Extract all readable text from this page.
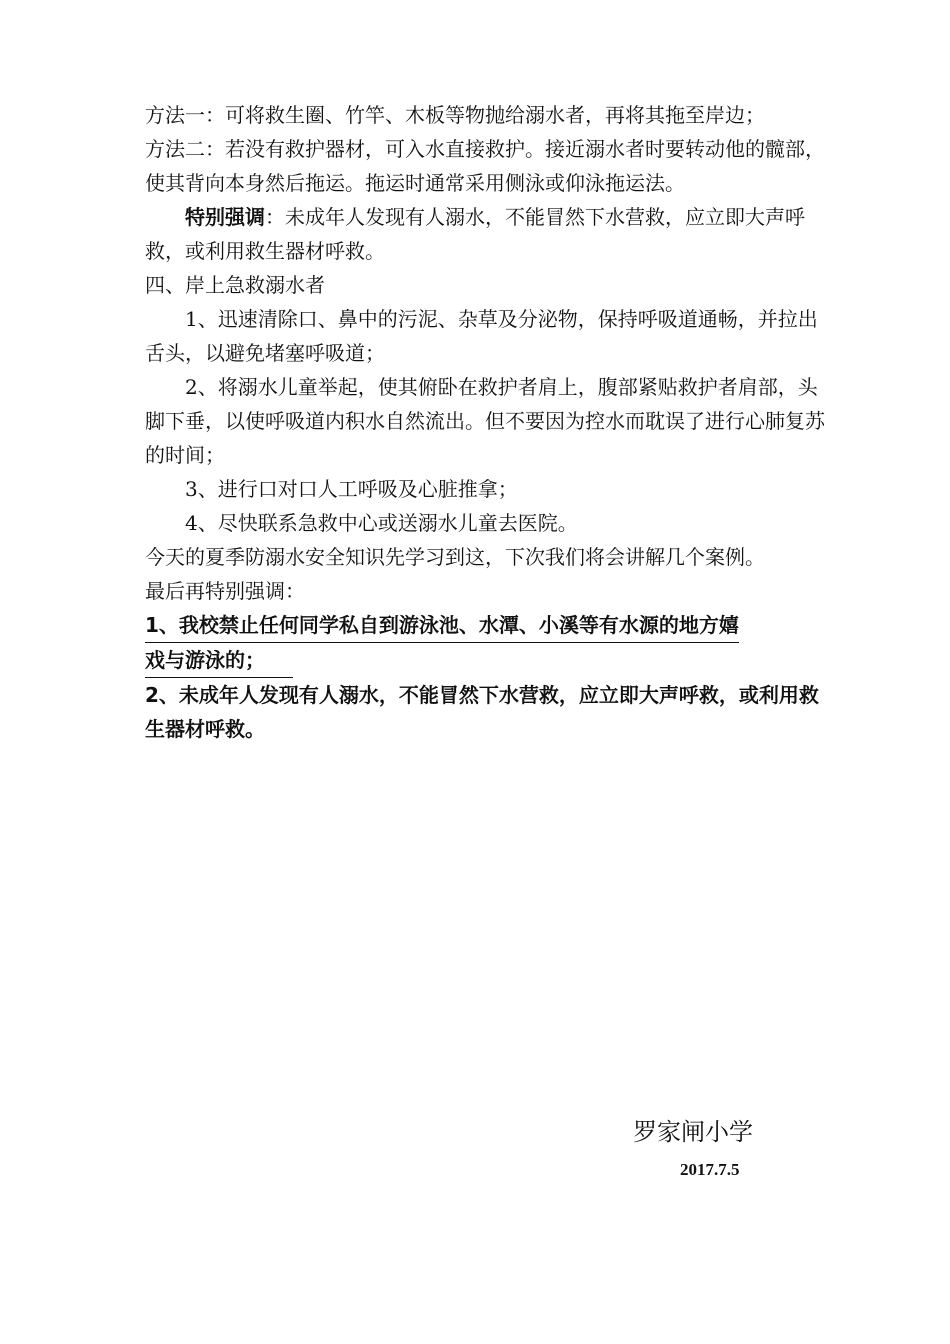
方法一：可将救生圈、竹竿、木板等物抛给溺水者，再将其拖至岸边；

方法二：若没有救护器材，可入水直接救护。接近溺水者时要转动他的髋部，使其背向本身然后拖运。拖运时通常采用侧泳或仰泳拖运法。

特别强调：未成年人发现有人溺水，不能冒然下水营救，应立即大声呼救，或利用救生器材呼救。

四、岸上急救溺水者

1、迅速清除口、鼻中的污泥、杂草及分泌物，保持呼吸道通畅，并拉出舌头，以避免堵塞呼吸道；

2、将溺水儿童举起，使其俯卧在救护者肩上，腹部紧贴救护者肩部，头脚下垂，以使呼吸道内积水自然流出。但不要因为控水而耽误了进行心肺复苏的时间；

3、进行口对口人工呼吸及心脏推拿；

4、尽快联系急救中心或送溺水儿童去医院。

今天的夏季防溺水安全知识先学习到这，下次我们将会讲解几个案例。

最后再特别强调：

1、我校禁止任何同学私自到游泳池、水潭、小溪等有水源的地方嬉
戏与游泳的；

2、未成年人发现有人溺水，不能冒然下水营救，应立即大声呼救，或利用救生器材呼救。

罗家闸小学
2017.7.5
